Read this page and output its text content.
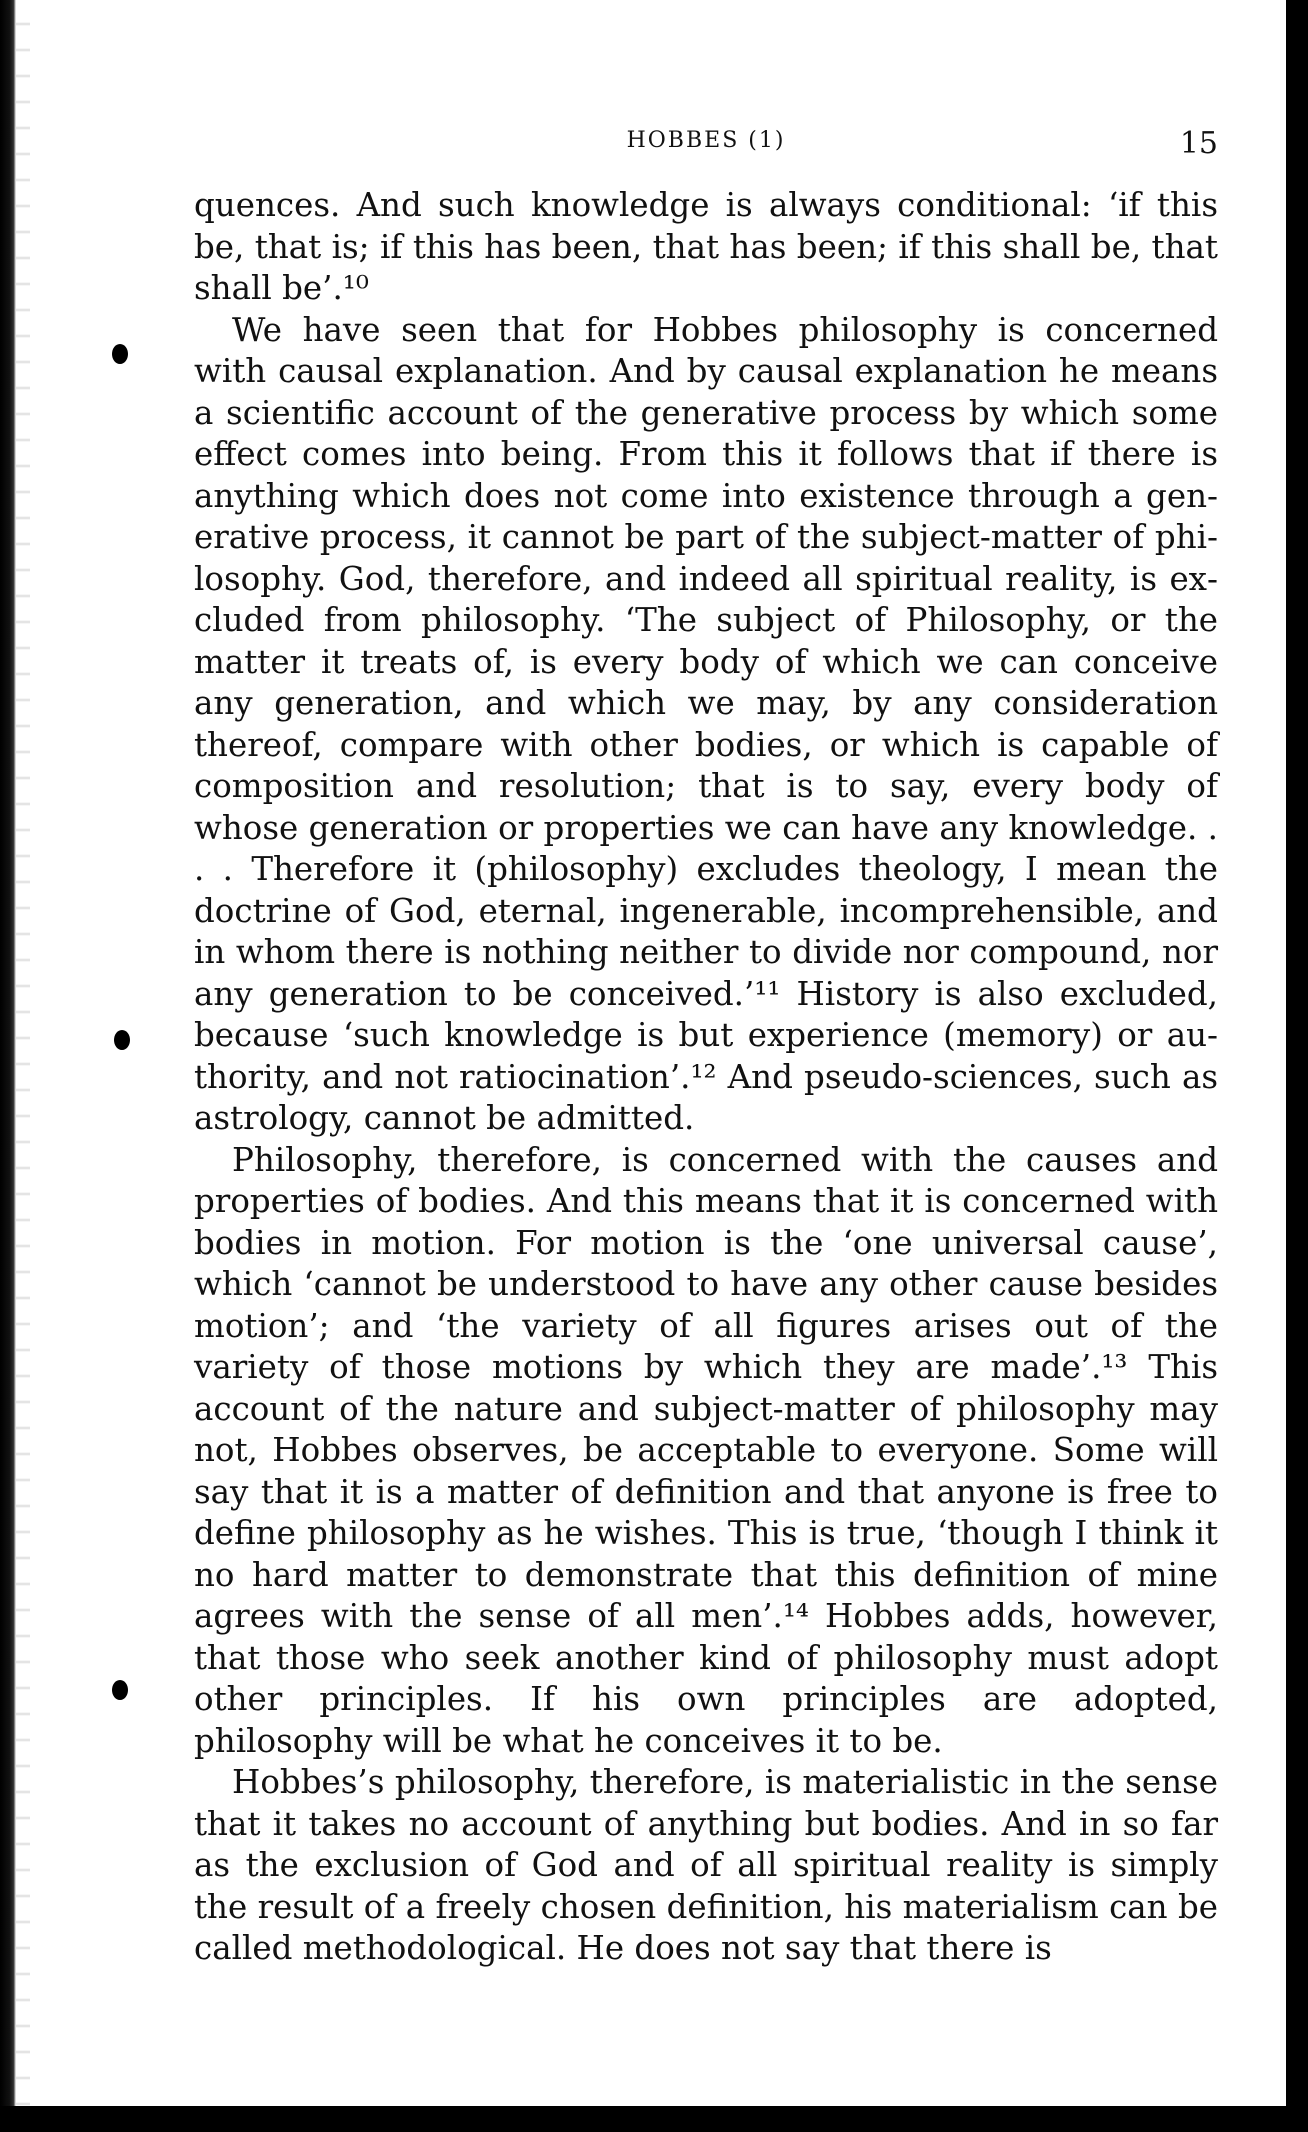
HOBBES (1)	15

quences. And such knowledge is always conditional: ‘if this be, that is; if this has been, that has been; if this shall be, that shall be’.¹⁰

We have seen that for Hobbes philosophy is concerned with causal explanation. And by causal explanation he means a scientific account of the generative process by which some effect comes into being. From this it follows that if there is anything which does not come into existence through a generative process, it cannot be part of the subject-matter of philosophy. God, therefore, and indeed all spiritual reality, is excluded from philosophy. ‘The subject of Philosophy, or the matter it treats of, is every body of which we can conceive any generation, and which we may, by any consideration thereof, compare with other bodies, or which is capable of composition and resolution; that is to say, every body of whose generation or properties we can have any knowledge. . . . Therefore it (philosophy) excludes theology, I mean the doctrine of God, eternal, ingenerable, incomprehensible, and in whom there is nothing neither to divide nor compound, nor any generation to be conceived.’¹¹ History is also excluded, because ‘such knowledge is but experience (memory) or authority, and not ratiocination’.¹² And pseudo-sciences, such as astrology, cannot be admitted.

Philosophy, therefore, is concerned with the causes and properties of bodies. And this means that it is concerned with bodies in motion. For motion is the ‘one universal cause’, which ‘cannot be understood to have any other cause besides motion’; and ‘the variety of all figures arises out of the variety of those motions by which they are made’.¹³ This account of the nature and subject-matter of philosophy may not, Hobbes observes, be acceptable to everyone. Some will say that it is a matter of definition and that anyone is free to define philosophy as he wishes. This is true, ‘though I think it no hard matter to demonstrate that this definition of mine agrees with the sense of all men’.¹⁴ Hobbes adds, however, that those who seek another kind of philosophy must adopt other principles. If his own principles are adopted, philosophy will be what he conceives it to be.

Hobbes’s philosophy, therefore, is materialistic in the sense that it takes no account of anything but bodies. And in so far as the exclusion of God and of all spiritual reality is simply the result of a freely chosen definition, his materialism can be called methodological. He does not say that there is
